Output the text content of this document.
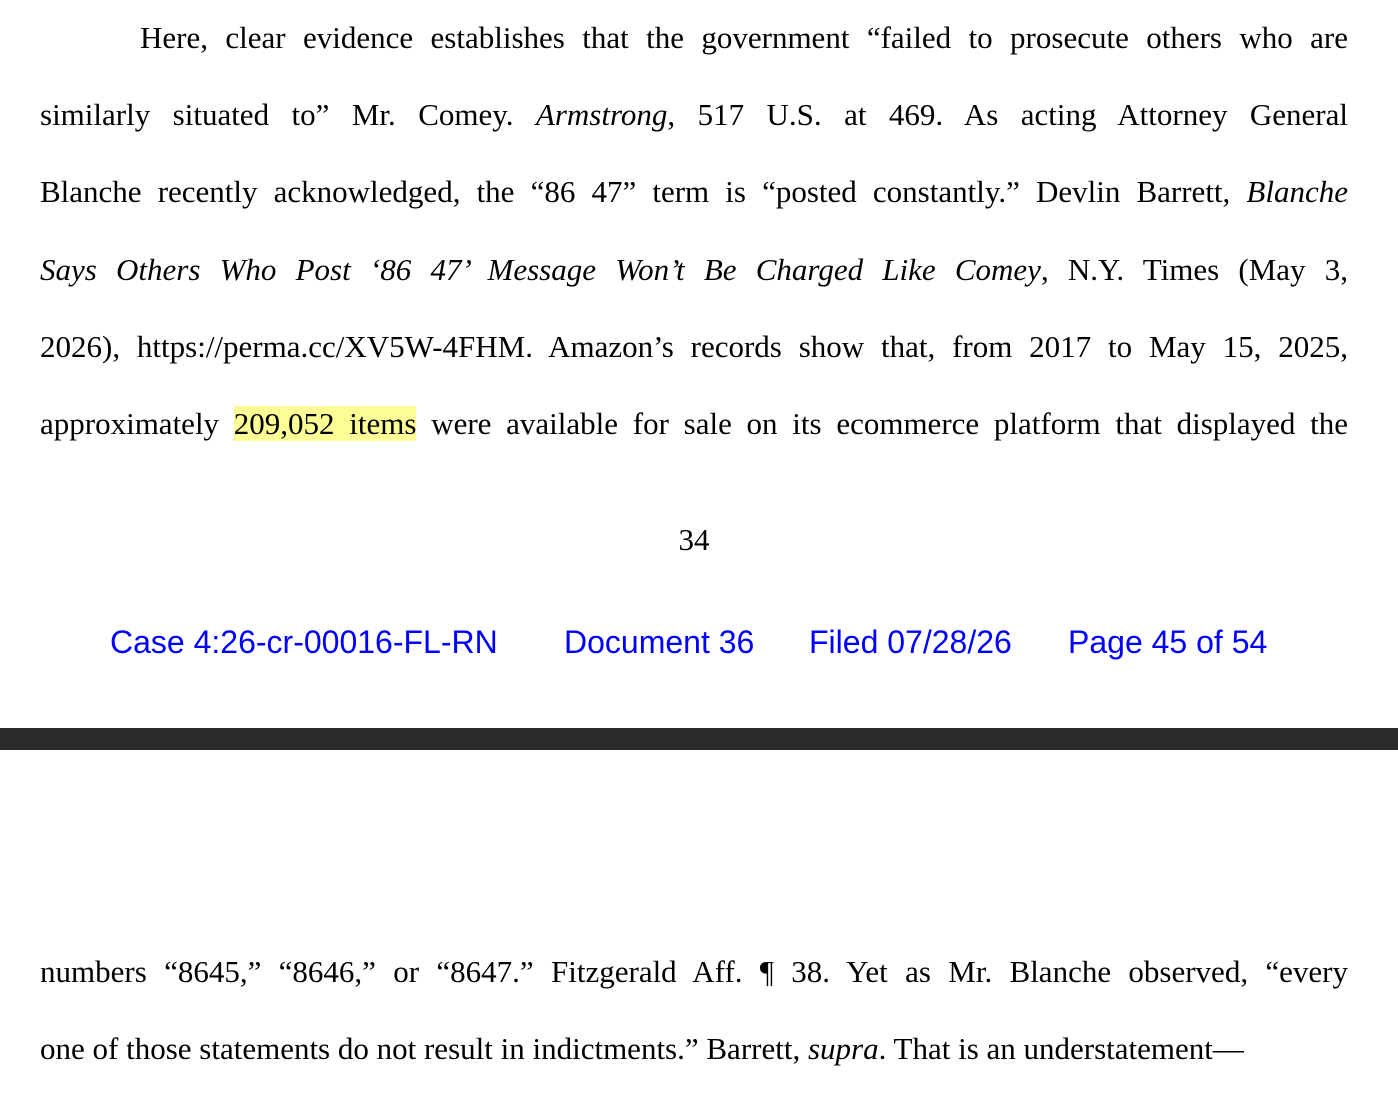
Here, clear evidence establishes that the government “failed to prosecute others who are
similarly situated to” Mr. Comey. Armstrong, 517 U.S. at 469. As acting Attorney General
Blanche recently acknowledged, the “86 47” term is “posted constantly.” Devlin Barrett, Blanche
Says Others Who Post ‘86 47’ Message Won’t Be Charged Like Comey, N.Y. Times (May 3,
2026), https://perma.cc/XV5W-4FHM. Amazon’s records show that, from 2017 to May 15, 2025,
approximately 209,052 items were available for sale on its ecommerce platform that displayed the
34
Case 4:26-cr-00016-FL-RN Document 36 Filed 07/28/26 Page 45 of 54
numbers “8645,” “8646,” or “8647.” Fitzgerald Aff. ¶ 38. Yet as Mr. Blanche observed, “every
one of those statements do not result in indictments.” Barrett, supra. That is an understatement—
